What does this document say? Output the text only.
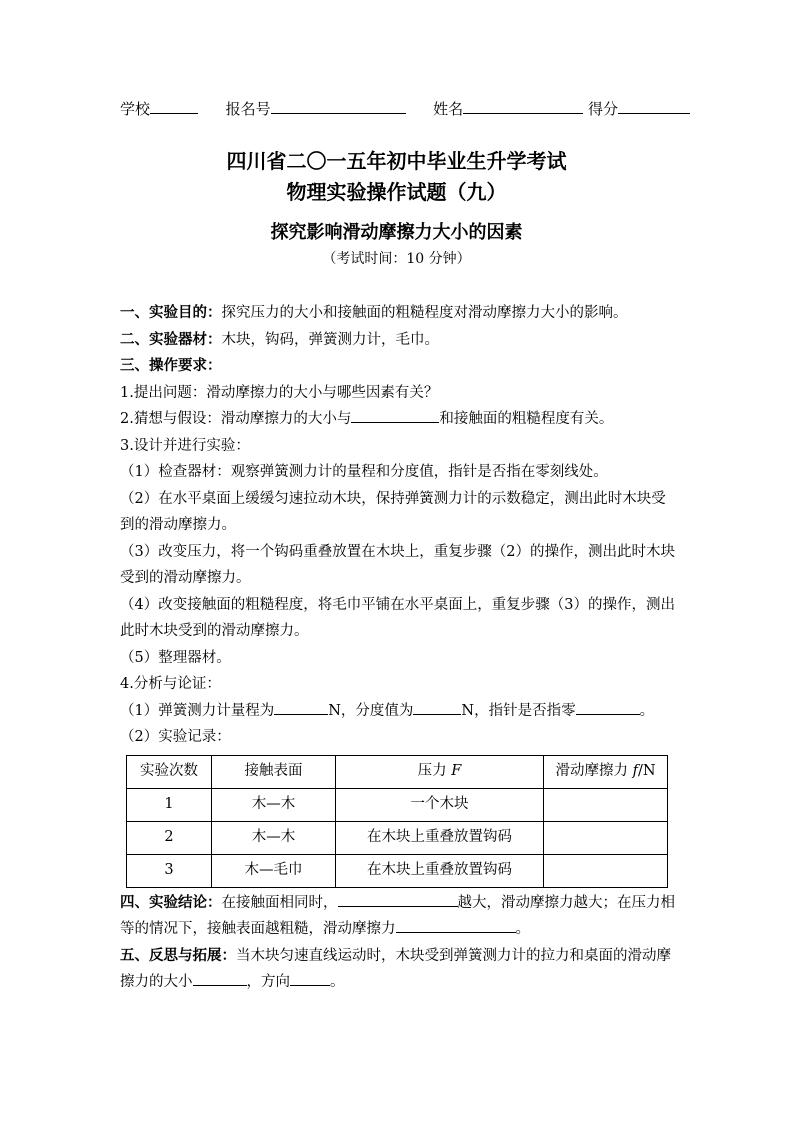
学校	报名号	姓名	得分
四川省二〇一五年初中毕业生升学考试
物理实验操作试题（九）
探究影响滑动摩擦力大小的因素
（考试时间：10 分钟）

一、实验目的：探究压力的大小和接触面的粗糙程度对滑动摩擦力大小的影响。

二、实验器材：木块，钩码，弹簧测力计，毛巾。

三、操作要求：

1.提出问题：滑动摩擦力的大小与哪些因素有关？

2.猜想与假设：滑动摩擦力的大小与	和接触面的粗糙程度有关。

3.设计并进行实验：

（1）检查器材：观察弹簧测力计的量程和分度值，指针是否指在零刻线处。

（2）在水平桌面上缓缓匀速拉动木块，保持弹簧测力计的示数稳定，测出此时木块受到的滑动摩擦力。

（3）改变压力，将一个钩码重叠放置在木块上，重复步骤（2）的操作，测出此时木块受到的滑动摩擦力。

（4）改变接触面的粗糙程度，将毛巾平铺在水平桌面上，重复步骤（3）的操作，测出此时木块受到的滑动摩擦力。

（5）整理器材。

4.分析与论证：

（1）弹簧测力计量程为	N，分度值为	N，指针是否指零	。

（2）实验记录：

实验次数	接触表面	压力 F	滑动摩擦力 f/N
1	木—木	一个木块	
2	木—木	在木块上重叠放置钩码	
3	木—毛巾	在木块上重叠放置钩码	

四、实验结论：在接触面相同时，	越大，滑动摩擦力越大；在压力相等的情况下，接触表面越粗糙，滑动摩擦力	。

五、反思与拓展：当木块匀速直线运动时，木块受到弹簧测力计的拉力和桌面的滑动摩擦力的大小	，方向	。
